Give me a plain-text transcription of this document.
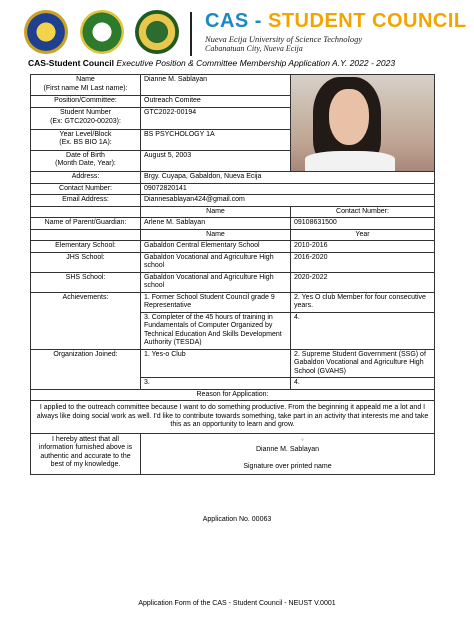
CAS - STUDENT COUNCIL
Nueva Ecija University of Science Technology
Cabanatuan City, Nueva Ecija
CAS-Student Council Executive Position & Committee Membership Application A.Y. 2022 - 2023
Name
(First name MI Last name):	Dianne M. Sablayan	

Position/Committee:	Outreach Comitee	
Student Number
(Ex: GTC2020-00203):	GTC2022-00194	
Year Level/Block
(Ex. BS BIO 1A):	BS PSYCHOLOGY 1A	
Date of Birth
(Month Date, Year):	August 5, 2003	
Address:	Brgy. Cuyapa, Gabaldon, Nueva Ecija	
Contact Number:	09072820141	
Email Address:	Diannesablayan424@gmail.com	
	Name	Contact Number:
Name of Parent/Guardian:	Arlene M. Sablayan	09108631500
	Name	Year
Elementary School:	Gabaldon Central Elementary School	2010-2016
JHS School:	Gabaldon Vocational and Agriculture High school	2016-2020
SHS School:	Gabaldon Vocational and Agriculture High school	2020-2022
Achievements:	1. Former School Student Council grade 9 Representative	2. Yes O club Member for four consecutive years.
	3. Completer of the 45 hours of training in Fundamentals of Computer Organized by Technical Education And Skills Development Authority (TESDA)	4.
Organization Joined:	1. Yes-o Club	2. Supreme Student Government (SSG) of Gabaldon Vocational and Agriculture High School (GVAHS)
	3.	4.
Reason for Application:		
I applied to the outreach committee because I want to do something productive. From the beginning it appeald me a lot and I always like doing social work as well. I'd like to contribute towards something, take part in an activity that interests me and take this as an opportunity to learn and grow.		
I hereby attest that all information furnished above is authentic and accurate to the best of my knowledge.	◦
Dianne M. Sablayan
Signature over printed name	
Application No. 00063
Application Form of the CAS - Student Council - NEUST V.0001
